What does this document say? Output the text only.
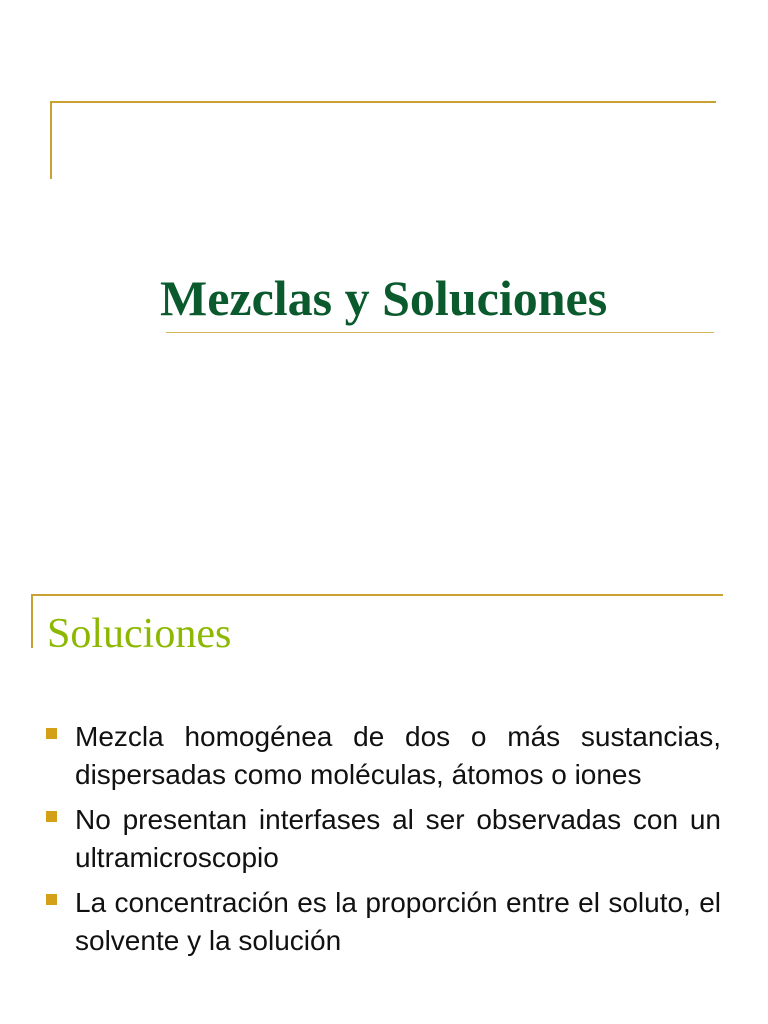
Mezclas y Soluciones
Soluciones
Mezcla homogénea de dos o más sustancias, dispersadas como moléculas, átomos o iones
No presentan interfases al ser observadas con un ultramicroscopio
La concentración es la proporción entre el soluto, el solvente y la solución
